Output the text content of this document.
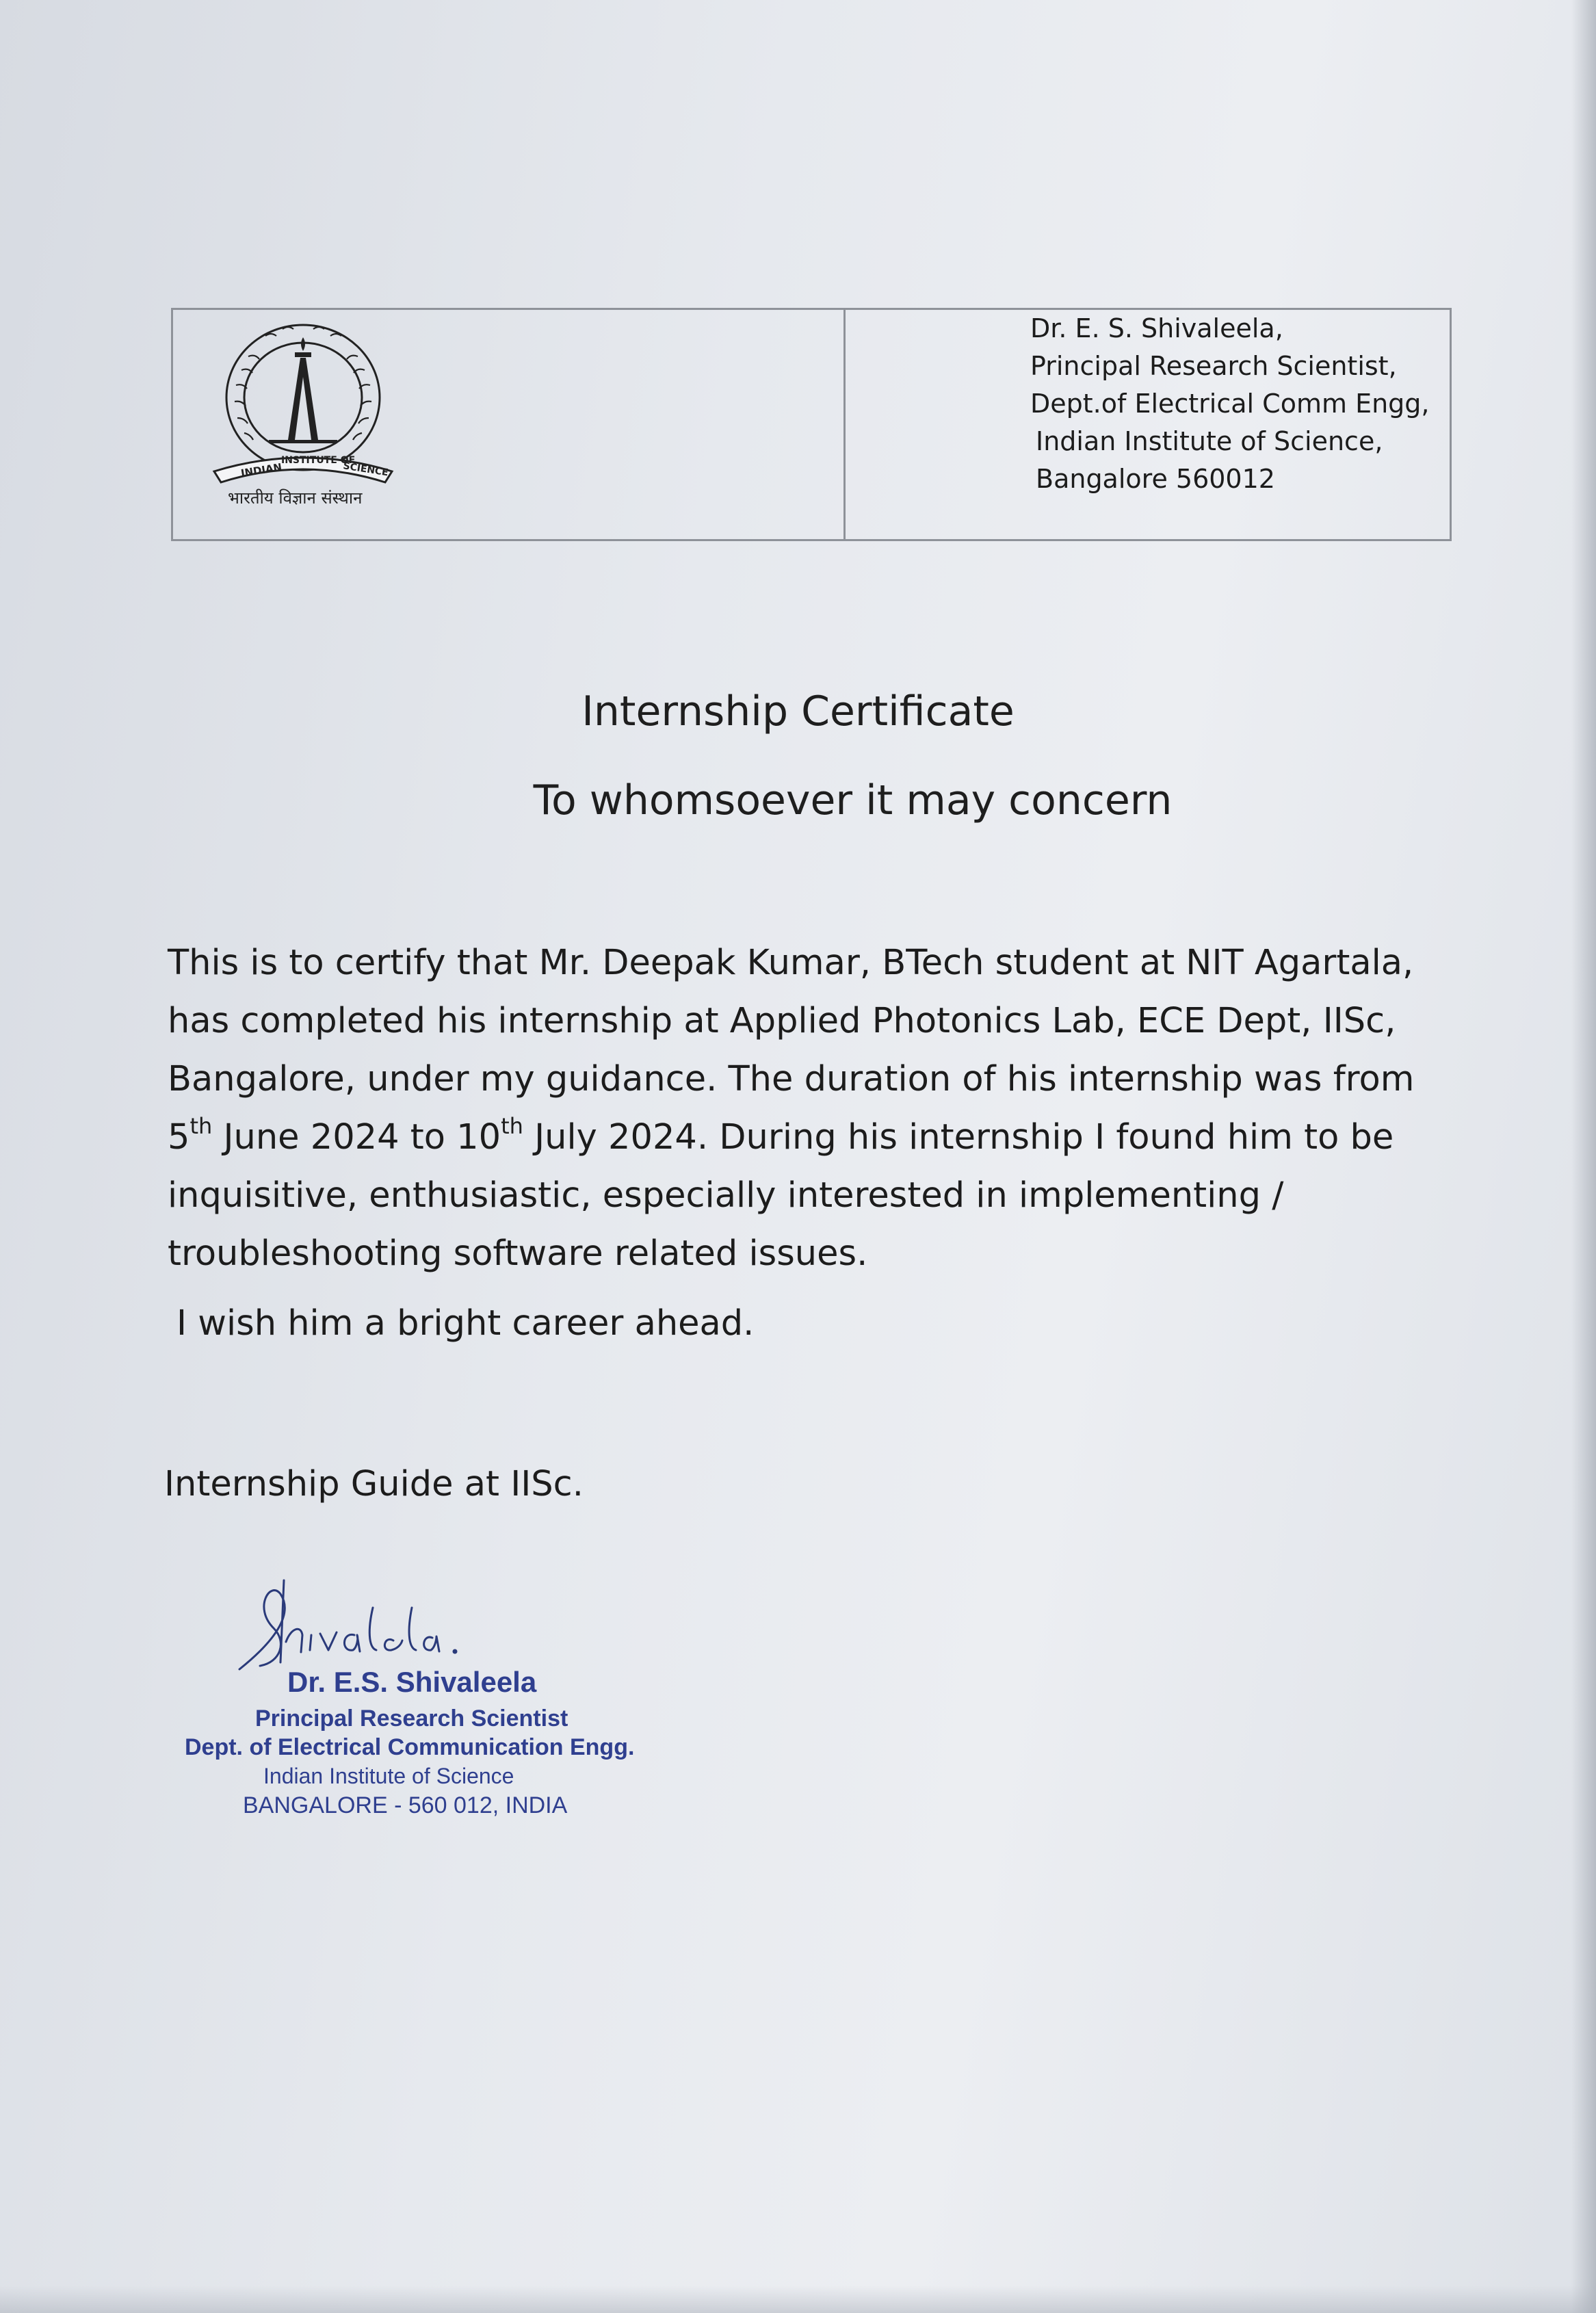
INDIAN
INSTITUTE OF
SCIENCE
भारतीय विज्ञान संस्थान
Dr. E. S. Shivaleela,
Principal Research Scientist,
Dept.of Electrical Comm Engg,
Indian Institute of Science,
Bangalore 560012
Internship Certificate
To whomsoever it may concern
This is to certify that Mr. Deepak Kumar, BTech student at NIT Agartala,
has completed his internship at Applied Photonics Lab, ECE Dept, IISc,
Bangalore, under my guidance. The duration of his internship was from
5th June 2024 to 10th July 2024. During his internship I found him to be
inquisitive, enthusiastic, especially interested in implementing /
troubleshooting software related issues.
I wish him a bright career ahead.
Internship Guide at IISc.
Shivaleela.
Dr. E.S. Shivaleela
Principal Research Scientist
Dept. of Electrical Communication Engg.
Indian Institute of Science
BANGALORE - 560 012, INDIA
